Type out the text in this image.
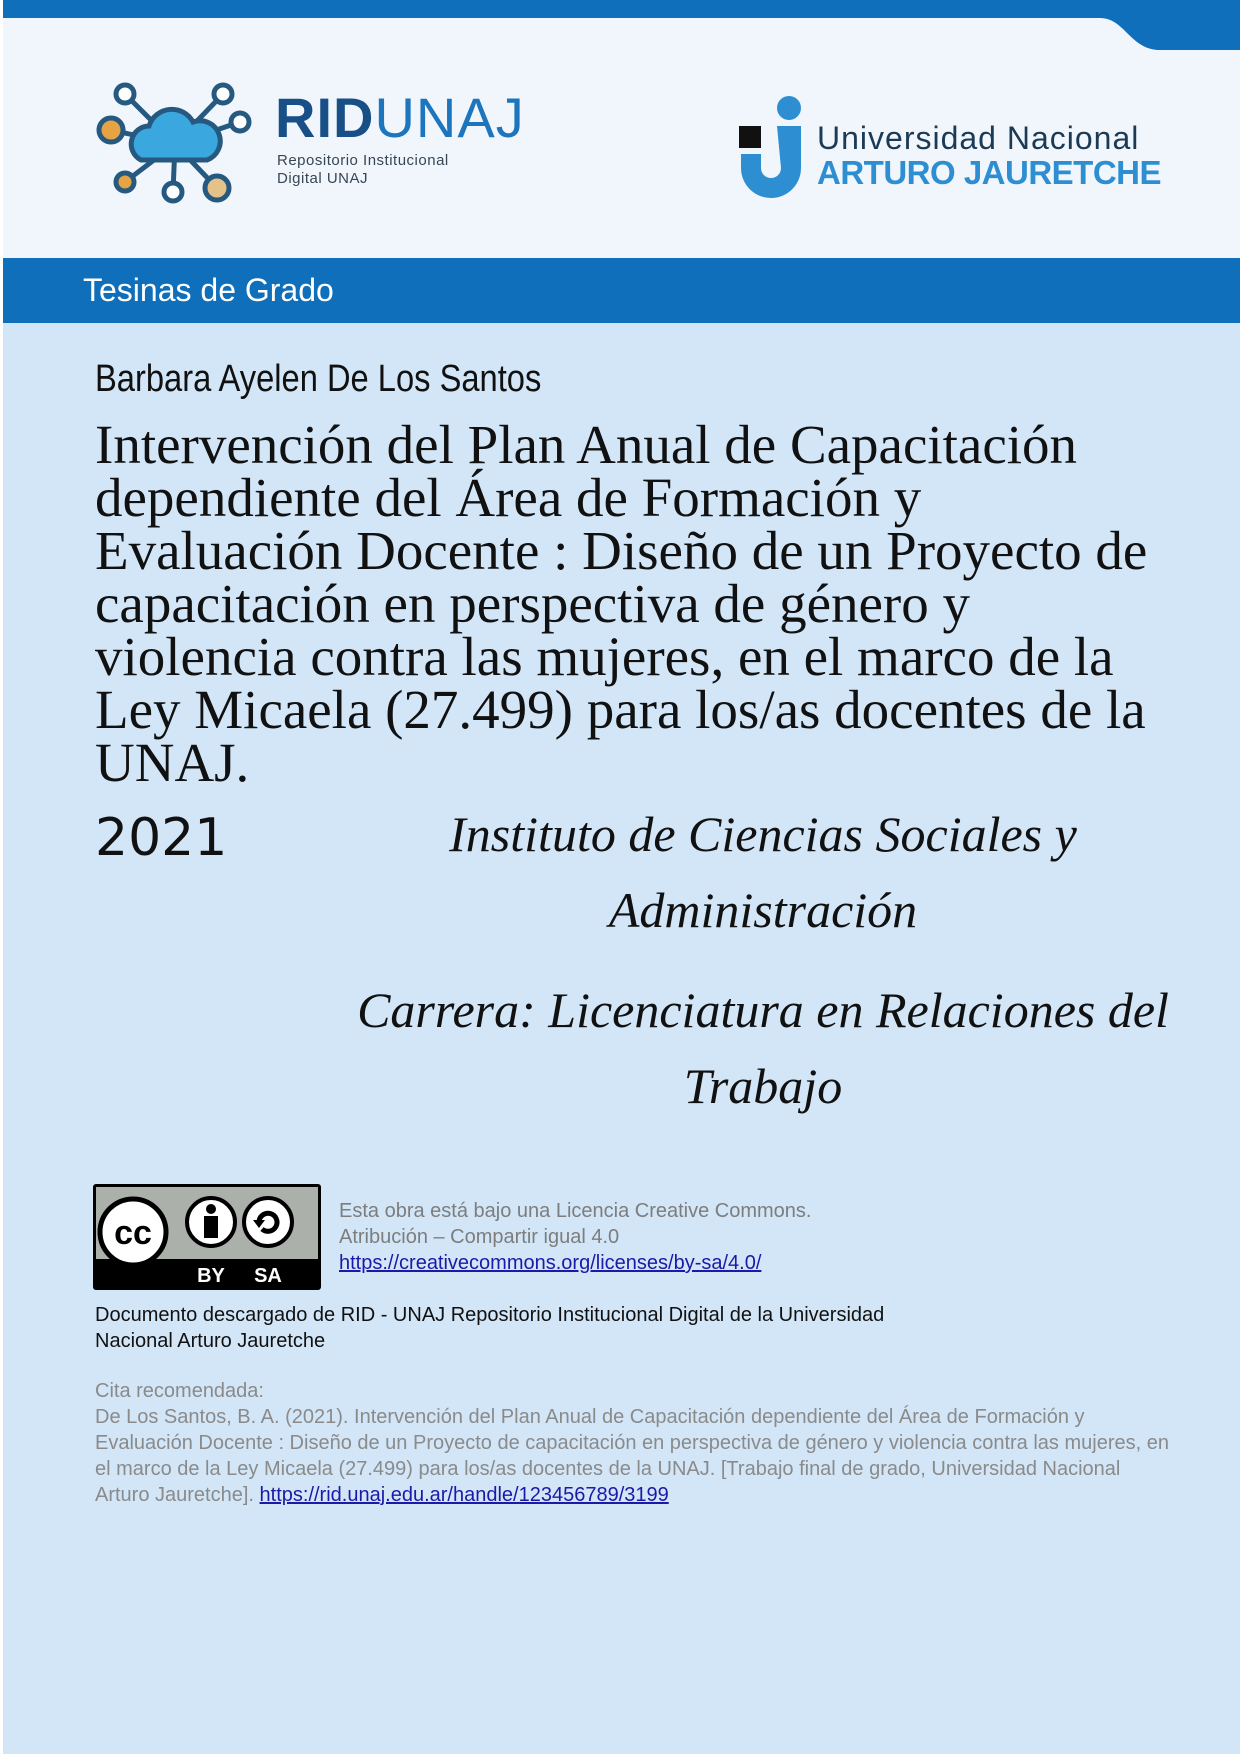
RIDUNAJ
Repositorio Institucional
Digital UNAJ
Universidad Nacional
ARTURO JAURETCHE
Tesinas de Grado
Barbara Ayelen De Los Santos
Intervención del Plan Anual de Capacitación dependiente del Área de Formación y Evaluación Docente : Diseño de un Proyecto de capacitación en perspectiva de género y violencia contra las mujeres, en el marco de la Ley Micaela (27.499) para los/as docentes de la UNAJ.
2021	Instituto de Ciencias Sociales y
Administración
Carrera: Licenciatura en Relaciones del
Trabajo
cc
BY SA
Esta obra está bajo una Licencia Creative Commons.
Atribución – Compartir igual 4.0
https://creativecommons.org/licenses/by-sa/4.0/
Documento descargado de RID - UNAJ Repositorio Institucional Digital de la Universidad
Nacional Arturo Jauretche
Cita recomendada:
De Los Santos, B. A. (2021). Intervención del Plan Anual de Capacitación dependiente del Área de Formación y Evaluación Docente : Diseño de un Proyecto de capacitación en perspectiva de género y violencia contra las mujeres, en el marco de la Ley Micaela (27.499) para los/as docentes de la UNAJ. [Trabajo final de grado, Universidad Nacional Arturo Jauretche]. https://rid.unaj.edu.ar/handle/123456789/3199
